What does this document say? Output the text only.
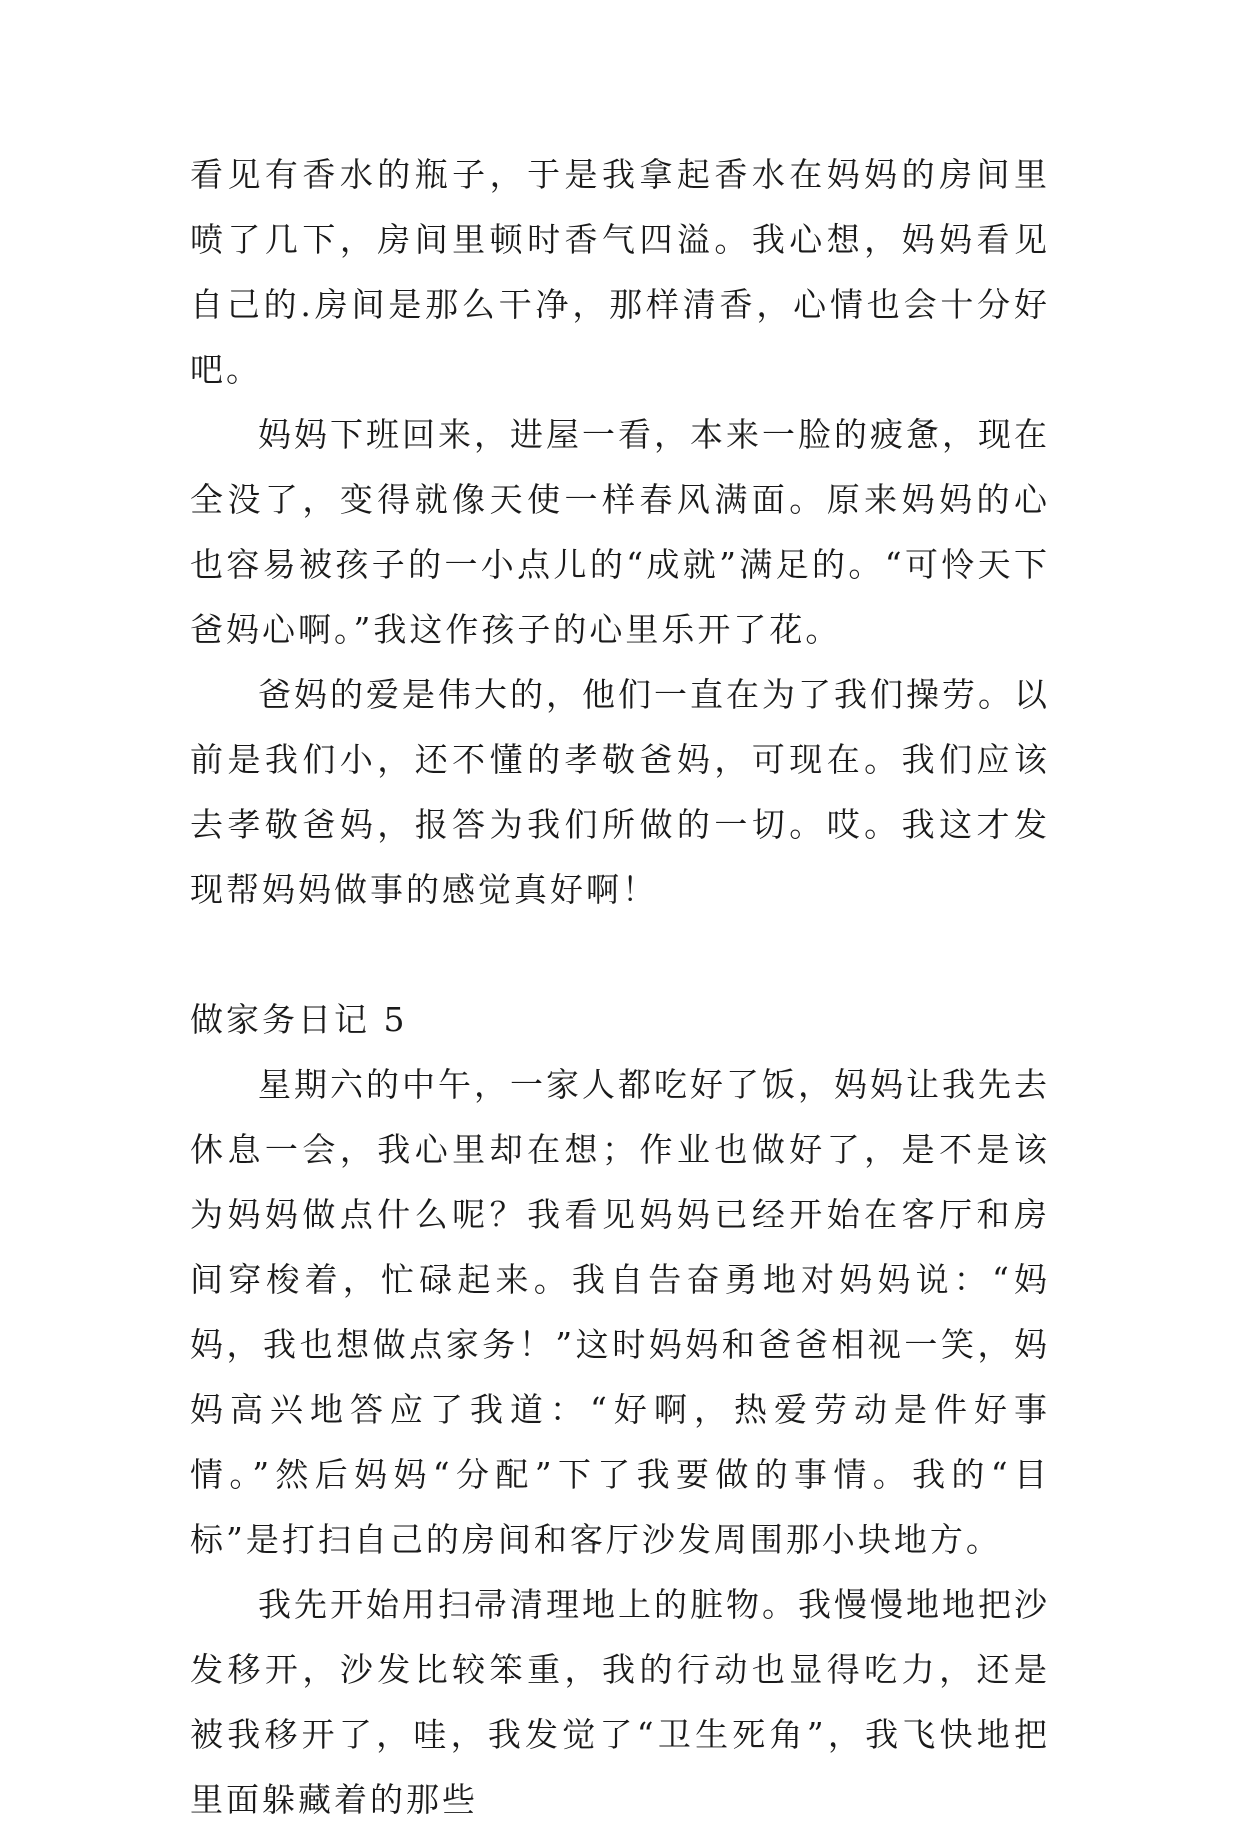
看见有香水的瓶子，于是我拿起香水在妈妈的房间里喷了几下，房间里顿时香气四溢。我心想，妈妈看见自己的.房间是那么干净，那样清香，心情也会十分好吧。

妈妈下班回来，进屋一看，本来一脸的疲惫，现在全没了，变得就像天使一样春风满面。原来妈妈的心也容易被孩子的一小点儿的“成就”满足的。“可怜天下爸妈心啊。”我这作孩子的心里乐开了花。

爸妈的爱是伟大的，他们一直在为了我们操劳。以前是我们小，还不懂的孝敬爸妈，可现在。我们应该去孝敬爸妈，报答为我们所做的一切。哎。我这才发现帮妈妈做事的感觉真好啊！

做家务日记 5

星期六的中午，一家人都吃好了饭，妈妈让我先去休息一会，我心里却在想；作业也做好了，是不是该为妈妈做点什么呢？我看见妈妈已经开始在客厅和房间穿梭着，忙碌起来。我自告奋勇地对妈妈说：“妈妈，我也想做点家务！”这时妈妈和爸爸相视一笑，妈妈高兴地答应了我道：“好啊，热爱劳动是件好事情。”然后妈妈“分配”下了我要做的事情。我的“目标”是打扫自己的房间和客厅沙发周围那小块地方。

我先开始用扫帚清理地上的脏物。我慢慢地地把沙发移开，沙发比较笨重，我的行动也显得吃力，还是被我移开了，哇，我发觉了“卫生死角”，我飞快地把里面躲藏着的那些
